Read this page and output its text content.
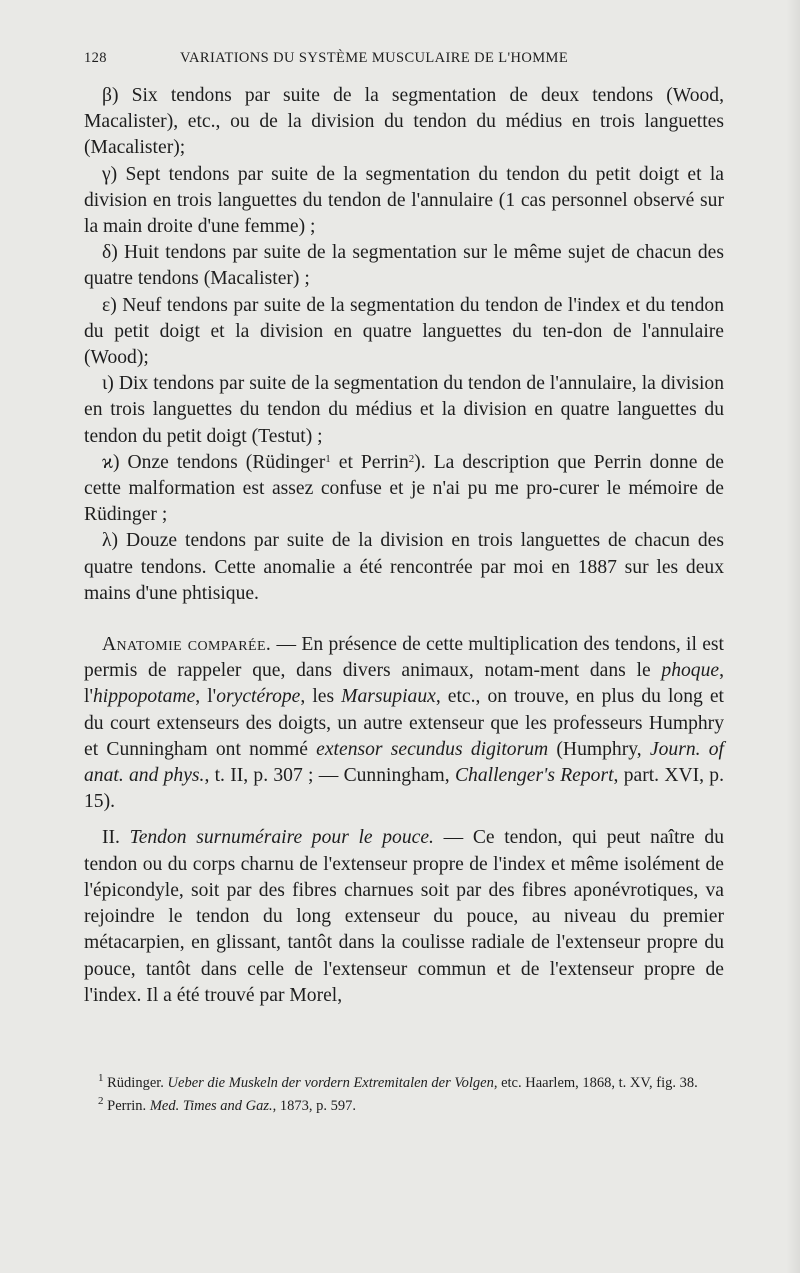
128	VARIATIONS DU SYSTÈME MUSCULAIRE DE L'HOMME

β) Six tendons par suite de la segmentation de deux tendons (Wood, Macalister), etc., ou de la division du tendon du médius en trois languettes (Macalister);

γ) Sept tendons par suite de la segmentation du tendon du petit doigt et la division en trois languettes du tendon de l'annulaire (1 cas personnel observé sur la main droite d'une femme) ;

δ) Huit tendons par suite de la segmentation sur le même sujet de chacun des quatre tendons (Macalister) ;

ε) Neuf tendons par suite de la segmentation du tendon de l'index et du tendon du petit doigt et la division en quatre languettes du ten-don de l'annulaire (Wood);

ι) Dix tendons par suite de la segmentation du tendon de l'annulaire, la division en trois languettes du tendon du médius et la division en quatre languettes du tendon du petit doigt (Testut) ;

ϰ) Onze tendons (Rüdinger$^1$ et Perrin$^2$). La description que Perrin donne de cette malformation est assez confuse et je n'ai pu me pro-curer le mémoire de Rüdinger ;

λ) Douze tendons par suite de la division en trois languettes de chacun des quatre tendons. Cette anomalie a été rencontrée par moi en 1887 sur les deux mains d'une phtisique.

Anatomie comparée. — En présence de cette multiplication des tendons, il est permis de rappeler que, dans divers animaux, notam-ment dans le phoque, l'hippopotame, l'oryctérope, les Marsupiaux, etc., on trouve, en plus du long et du court extenseurs des doigts, un autre extenseur que les professeurs Humphry et Cunningham ont nommé extensor secundus digitorum (Humphry, Journ. of anat. and phys., t. II, p. 307 ; — Cunningham, Challenger's Report, part. XVI, p. 15).

II. Tendon surnuméraire pour le pouce. — Ce tendon, qui peut naître du tendon ou du corps charnu de l'extenseur propre de l'index et même isolément de l'épicondyle, soit par des fibres charnues soit par des fibres aponévrotiques, va rejoindre le tendon du long extenseur du pouce, au niveau du premier métacarpien, en glissant, tantôt dans la coulisse radiale de l'extenseur propre du pouce, tantôt dans celle de l'extenseur commun et de l'extenseur propre de l'index. Il a été trouvé par Morel,

$^1$ Rüdinger. Ueber die Muskeln der vordern Extremitalen der Volgen, etc. Haarlem, 1868, t. XV, fig. 38.

$^2$ Perrin. Med. Times and Gaz., 1873, p. 597.
